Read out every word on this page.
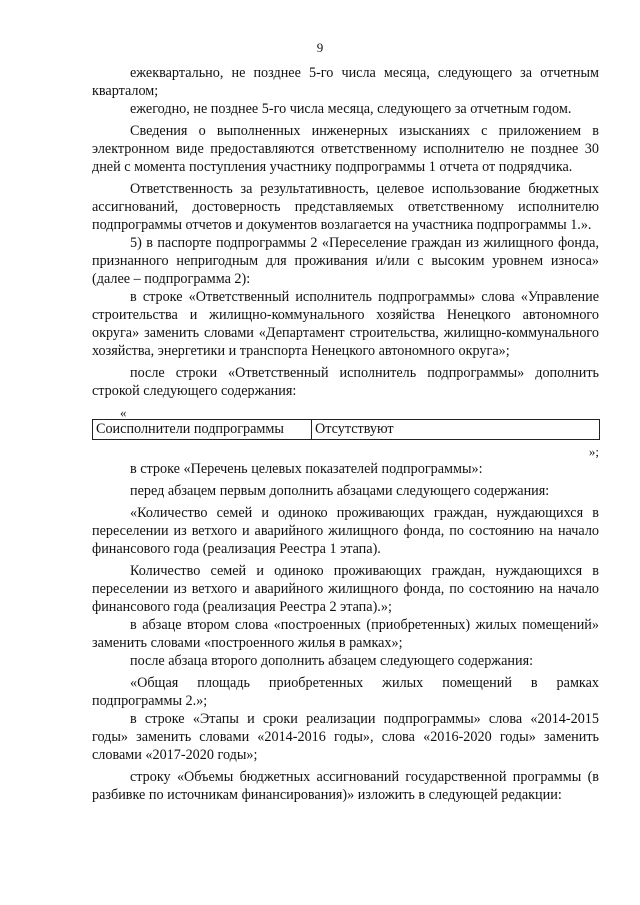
9

ежеквартально, не позднее 5-го числа месяца, следующего за отчетным кварталом;

ежегодно, не позднее 5-го числа месяца, следующего за отчетным годом.

Сведения о выполненных инженерных изысканиях с приложением в электронном виде предоставляются ответственному исполнителю не позднее 30 дней с момента поступления участнику подпрограммы 1 отчета от подрядчика.

Ответственность за результативность, целевое использование бюджетных ассигнований, достоверность представляемых ответственному исполнителю подпрограммы отчетов и документов возлагается на участника подпрограммы 1.».

5) в паспорте подпрограммы 2 «Переселение граждан из жилищного фонда, признанного непригодным для проживания и/или с высоким уровнем износа» (далее – подпрограмма 2):

в строке «Ответственный исполнитель подпрограммы» слова «Управление строительства и жилищно-коммунального хозяйства Ненецкого автономного округа» заменить словами «Департамент строительства, жилищно-коммунального хозяйства, энергетики и транспорта Ненецкого автономного округа»;

после строки «Ответственный исполнитель подпрограммы» дополнить строкой следующего содержания:

«
Соисполнители подпрограммы	Отсутствуют
»;

в строке «Перечень целевых показателей подпрограммы»:

перед абзацем первым дополнить абзацами следующего содержания:

«Количество семей и одиноко проживающих граждан, нуждающихся в переселении из ветхого и аварийного жилищного фонда, по состоянию на начало финансового года (реализация Реестра 1 этапа).

Количество семей и одиноко проживающих граждан, нуждающихся в переселении из ветхого и аварийного жилищного фонда, по состоянию на начало финансового года (реализация Реестра 2 этапа).»;

в абзаце втором слова «построенных (приобретенных) жилых помещений» заменить словами «построенного жилья в рамках»;

после абзаца второго дополнить абзацем следующего содержания:

«Общая площадь приобретенных жилых помещений в рамках подпрограммы 2.»;

в строке «Этапы и сроки реализации подпрограммы» слова «2014-2015 годы» заменить словами «2014-2016 годы», слова «2016-2020 годы» заменить словами «2017-2020 годы»;

строку «Объемы бюджетных ассигнований государственной программы (в разбивке по источникам финансирования)» изложить в следующей редакции:
